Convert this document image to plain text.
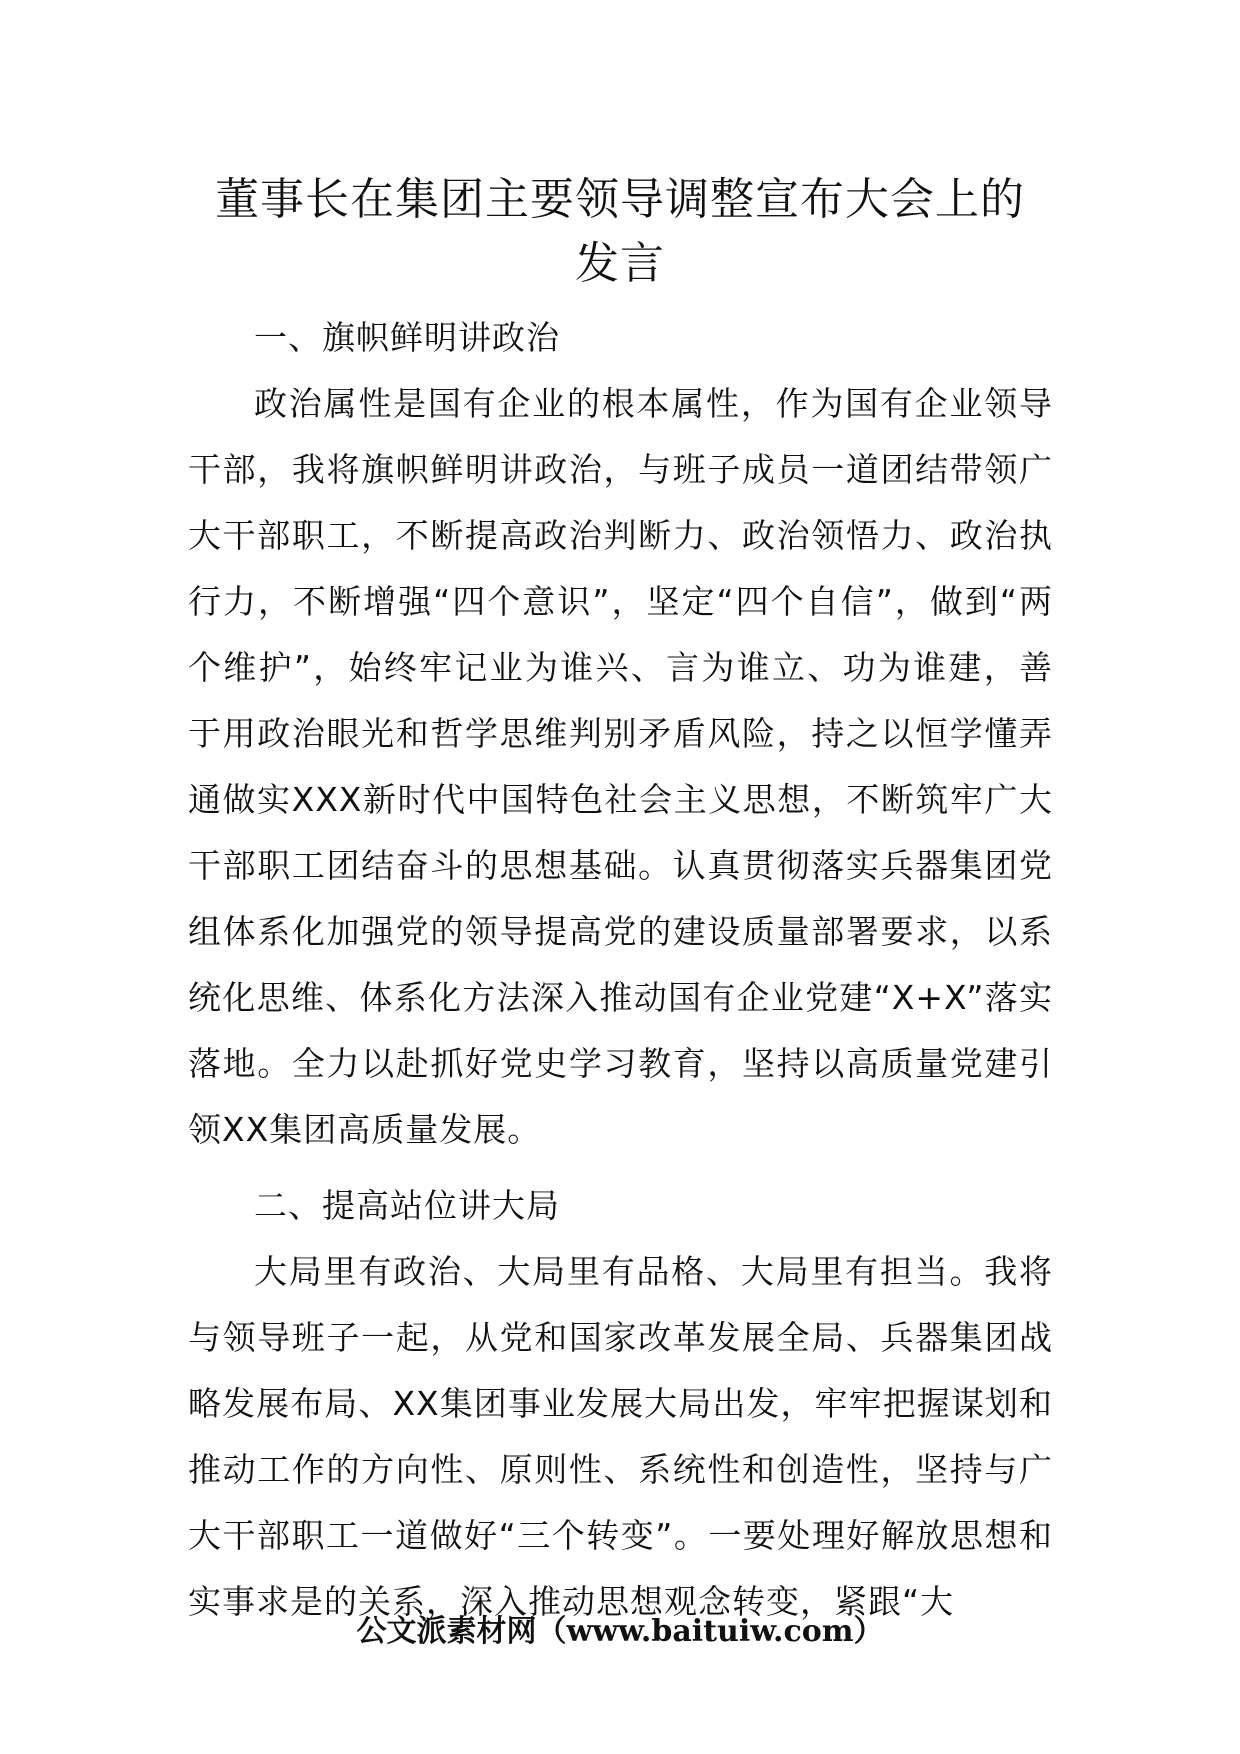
董事长在集团主要领导调整宣布大会上的
发言
一、旗帜鲜明讲政治
政治属性是国有企业的根本属性，作为国有企业领导干部，我将旗帜鲜明讲政治，与班子成员一道团结带领广大干部职工，不断提高政治判断力、政治领悟力、政治执行力，不断增强“四个意识”，坚定“四个自信”，做到“两个维护”，始终牢记业为谁兴、言为谁立、功为谁建，善于用政治眼光和哲学思维判别矛盾风险，持之以恒学懂弄通做实XXX新时代中国特色社会主义思想，不断筑牢广大干部职工团结奋斗的思想基础。认真贯彻落实兵器集团党组体系化加强党的领导提高党的建设质量部署要求，以系统化思维、体系化方法深入推动国有企业党建“X+X”落实落地。全力以赴抓好党史学习教育，坚持以高质量党建引领XX集团高质量发展。
二、提高站位讲大局
大局里有政治、大局里有品格、大局里有担当。我将与领导班子一起，从党和国家改革发展全局、兵器集团战略发展布局、XX集团事业发展大局出发，牢牢把握谋划和推动工作的方向性、原则性、系统性和创造性，坚持与广大干部职工一道做好“三个转变”。一要处理好解放思想和实事求是的关系，深入推动思想观念转变，紧跟“大
公文派素材网（www.baituiw.com）
